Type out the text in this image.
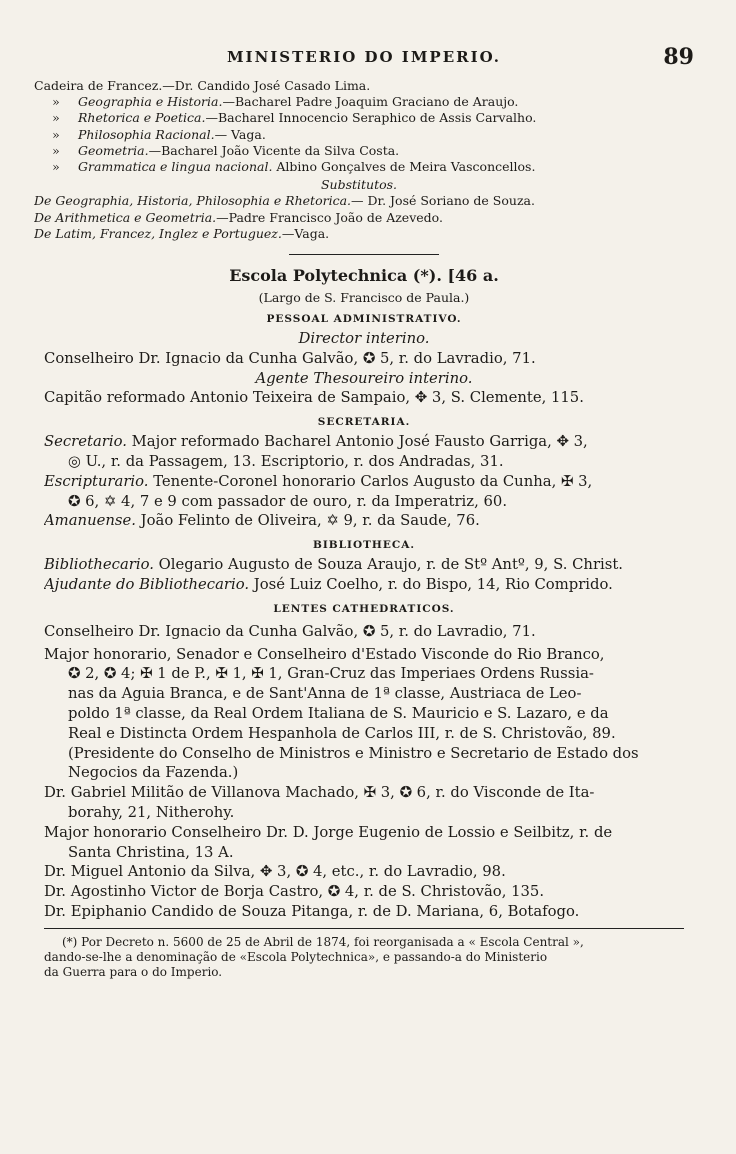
MINISTERIO DO IMPERIO.	89

Cadeira de Francez.—Dr. Candido José Casado Lima.

» Geographia e Historia.—Bacharel Padre Joaquim Graciano de Araujo.

» Rhetorica e Poetica.—Bacharel Innocencio Seraphico de Assis Carvalho.

» Philosophia Racional.— Vaga.

» Geometria.—Bacharel João Vicente da Silva Costa.

» Grammatica e lingua nacional. Albino Gonçalves de Meira Vasconcellos.

Substitutos.

De Geographia, Historia, Philosophia e Rhetorica.— Dr. José Soriano de Souza.

De Arithmetica e Geometria.—Padre Francisco João de Azevedo.

De Latim, Francez, Inglez e Portuguez.—Vaga.

Escola Polytechnica (*). [46 a.

(Largo de S. Francisco de Paula.)

PESSOAL ADMINISTRATIVO.

Director interino.

Conselheiro Dr. Ignacio da Cunha Galvão, ✪ 5, r. do Lavradio, 71.

Agente Thesoureiro interino.

Capitão reformado Antonio Teixeira de Sampaio, ✥ 3, S. Clemente, 115.

SECRETARIA.

Secretario. Major reformado Bacharel Antonio José Fausto Garriga, ✥ 3,

◎ U., r. da Passagem, 13. Escriptorio, r. dos Andradas, 31.

Escripturario. Tenente-Coronel honorario Carlos Augusto da Cunha, ✠ 3,

✪ 6, ✡ 4, 7 e 9 com passador de ouro, r. da Imperatriz, 60.

Amanuense. João Felinto de Oliveira, ✡ 9, r. da Saude, 76.

BIBLIOTHECA.

Bibliothecario. Olegario Augusto de Souza Araujo, r. de Stº Antº, 9, S. Christ.

Ajudante do Bibliothecario. José Luiz Coelho, r. do Bispo, 14, Rio Comprido.

LENTES CATHEDRATICOS.

Conselheiro Dr. Ignacio da Cunha Galvão, ✪ 5, r. do Lavradio, 71.

Major honorario, Senador e Conselheiro d'Estado Visconde do Rio Branco,

✪ 2, ✪ 4; ✠ 1 de P., ✠ 1, ✠ 1, Gran-Cruz das Imperiaes Ordens Russia-

nas da Aguia Branca, e de Sant'Anna de 1ª classe, Austriaca de Leo-

poldo 1ª classe, da Real Ordem Italiana de S. Mauricio e S. Lazaro, e da

Real e Distincta Ordem Hespanhola de Carlos III, r. de S. Christovão, 89.

(Presidente do Conselho de Ministros e Ministro e Secretario de Estado dos

Negocios da Fazenda.)

Dr. Gabriel Militão de Villanova Machado, ✠ 3, ✪ 6, r. do Visconde de Ita-

borahy, 21, Nitherohy.

Major honorario Conselheiro Dr. D. Jorge Eugenio de Lossio e Seilbitz, r. de

Santa Christina, 13 A.

Dr. Miguel Antonio da Silva, ✥ 3, ✪ 4, etc., r. do Lavradio, 98.

Dr. Agostinho Victor de Borja Castro, ✪ 4, r. de S. Christovão, 135.

Dr. Epiphanio Candido de Souza Pitanga, r. de D. Mariana, 6, Botafogo.

(*) Por Decreto n. 5600 de 25 de Abril de 1874, foi reorganisada a « Escola Central »,

dando-se-lhe a denominação de «Escola Polytechnica», e passando-a do Ministerio

da Guerra para o do Imperio.
